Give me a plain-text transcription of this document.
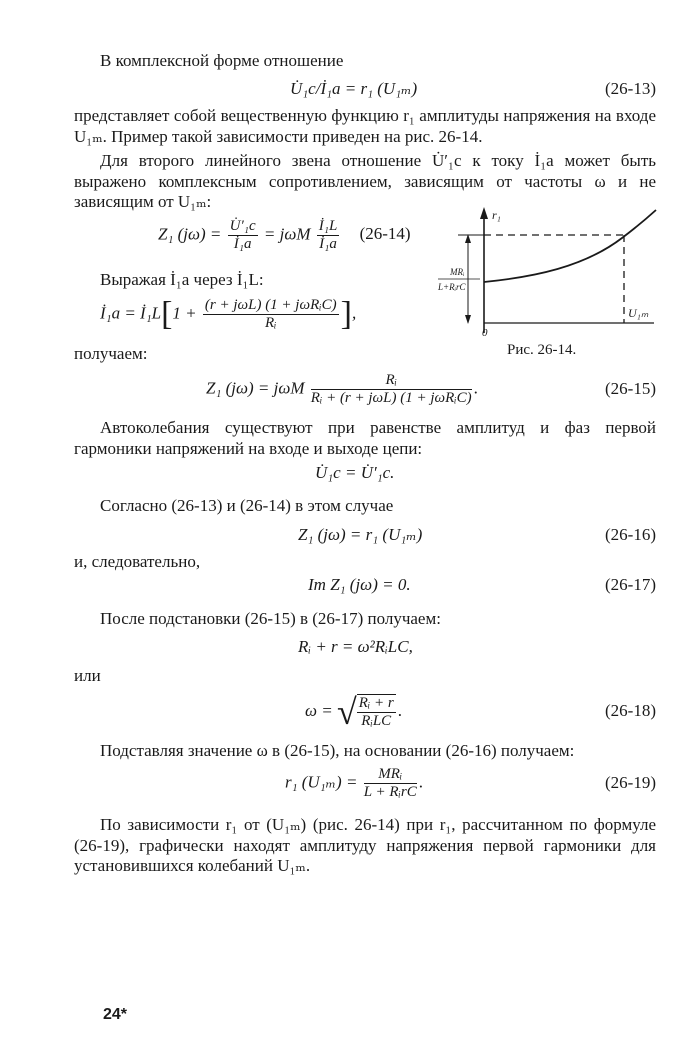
В комплексной форме отношение
U̇₁c/İ₁a = r₁ (U₁ₘ)	(26-13)
представляет собой вещественную функцию r₁ амплитуды напряжения на входе U₁ₘ. Пример такой зависимости приведен на рис. 26-14.
Для второго линейного звена отношение U̇′₁c к току İ₁a может быть выражено комплексным сопротивлением, зависящим от частоты ω и не зависящим от U₁ₘ:
r₁
U₁ₘ
0
MRᵢ
L+RᵢrC
Рис. 26-14.
Z₁ $(j\omega) = \frac{\text{U̇′₁c}}{\text{İ₁a}} = j\omega M \frac{\text{İ₁L}}{\text{İ₁a}} (26-14)$
Выражая İ₁a через İ₁L:
İ₁a = İ₁L[1 + $\frac{\text{(r + jωL) (1 + jωRᵢC)}}{\text{Rᵢ}}$ ],
получаем:
Z₁ (jω) = jωM $\frac{\text{Rᵢ}}{\text{Rᵢ + (r + jωL) (1 + jωRᵢC)}}$ .	(26-15)
Автоколебания существуют при равенстве амплитуд и фаз первой гармоники напряжений на входе и выходе цепи:
U̇₁c = U̇′₁c.
Согласно (26-13) и (26-14) в этом случае
Z₁ (jω) = r₁ (U₁ₘ)	(26-16)
и, следовательно,
Im Z₁ (jω) = 0.	(26-17)
После подстановки (26-15) в (26-17) получаем:
Rᵢ + r = ω²RᵢLC,
или
ω = √ $\frac{\text{Rᵢ + r}}{\text{RᵢLC}}$ .	(26-18)
Подставляя значение ω в (26-15), на основании (26-16) получаем:
r₁ $(U_{1m}) = \frac{\text{MRᵢ}}{\text{L + RᵢrC}}$ .	(26-19)
По зависимости r₁ от (U₁ₘ) (рис. 26-14) при r₁, рассчитанном по формуле (26-19), графически находят амплитуду напряжения первой гармоники для установившихся колебаний U₁ₘ.
24*
